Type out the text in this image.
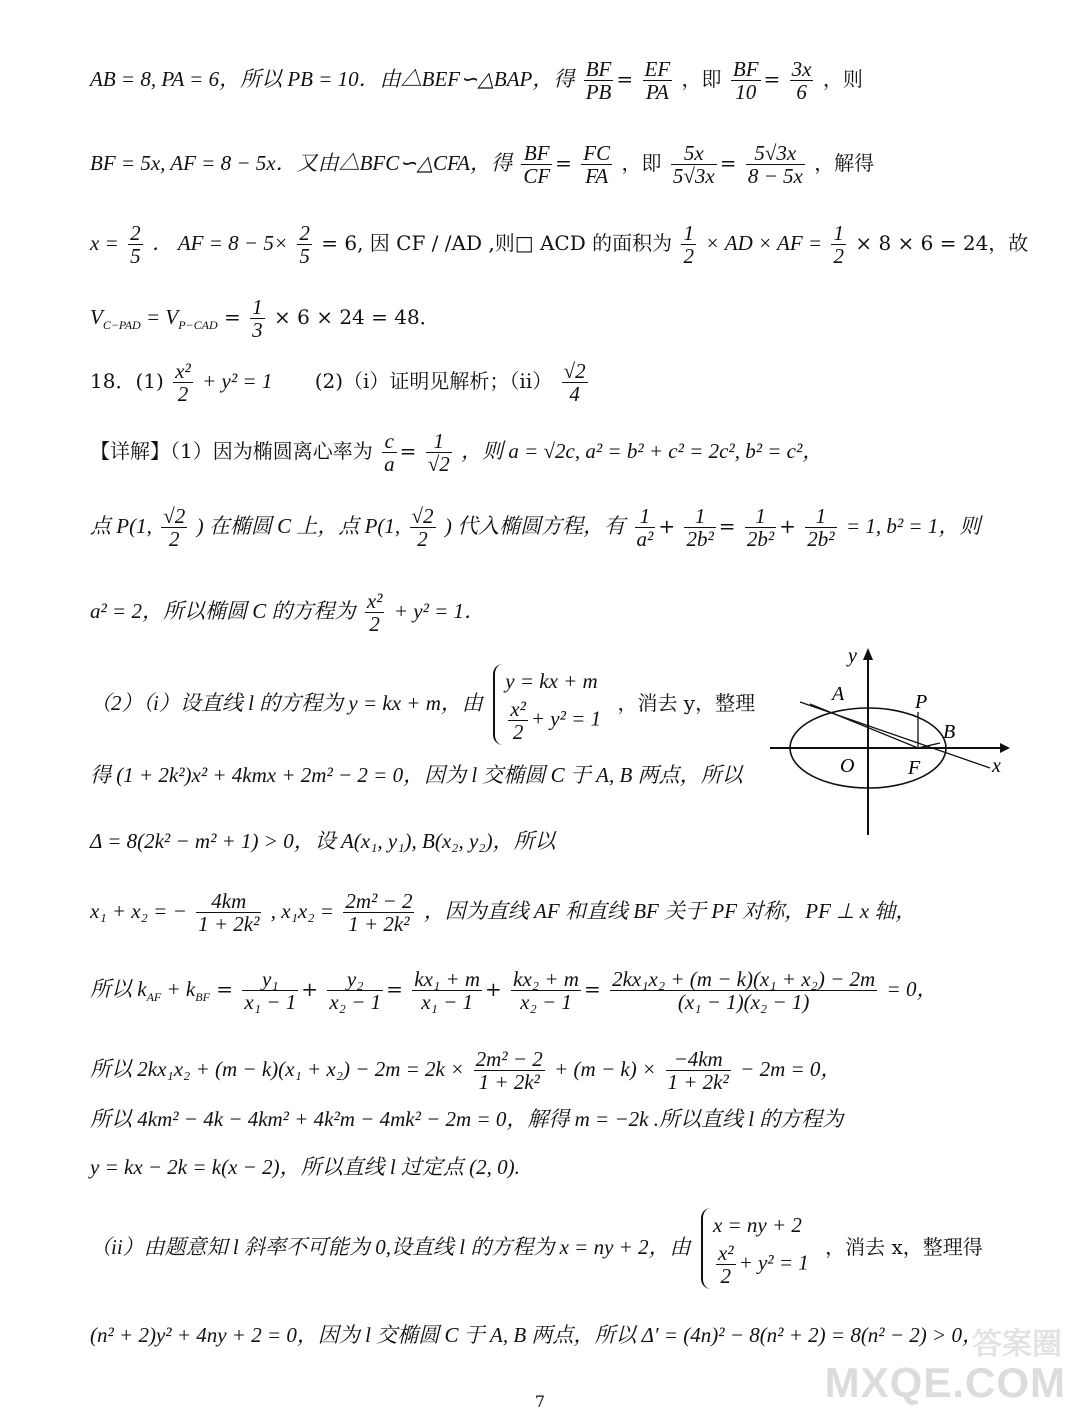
AB = 8, PA = 6，所以 PB = 10．由△BEF∽△BAP，得 $\frac{BF}{PB} = \frac{EF}{PA}$ ，即 $\frac{BF}{10} = \frac{3x}{6}$ ，则
BF = 5x, AF = 8 − 5x．又由△BFC∽△CFA，得 $\frac{BF}{CF} = \frac{FC}{FA}$ ，即 $\frac{5x}{5√3x} = \frac{5√3x}{8 - 5x}$ ，解得
$x = \frac{2}{5}$ ． AF = $8 - 5\times \frac{2}{5} = 6$, 因 CF / /AD ,则□ ACD 的面积为 $\frac{1}{2}$ × AD × AF = $\frac{1}{2} \times 8 \times 6 = 24$，故
$V_{C-PAD} = V_{P-CAD} = \frac{1}{3} \times 6 \times 24 = 48$．
18．$(1) \frac{\text{x²}}{2} + y^2 = 1$ (2)（i）证明见解析；$(ii) \frac{√2}{4}$
【详解】（1）因为椭圆离心率为 $\frac{c}{a} = \frac{1}{√2}$ ，则 a = √2c, a² = b² + c² = 2c², b² = c²，
点 P(1, $\frac{√2}{2}$ ) 在椭圆 C 上，点 P(1, $\frac{√2}{2}$ ) 代入椭圆方程，有 $\frac{1}{\text{a²}} + \frac{1}{\text{2b²}} = \frac{1}{\text{2b²}} + \frac{1}{\text{2b²}} = 1$, b² = 1，则
a² = 2，所以椭圆 C 的方程为 $\frac{\text{x²}}{2} + y^2 = 1$．
（2）（i）设直线 l 的方程为 y = kx + m，由
y = kx + m
$\frac{\text{x²}}{2} + y^2 = 1$
，消去 y，整理
得 (1 + 2k²)x² + 4kmx + 2m² − 2 = 0，因为 l 交椭圆 C 于 A, B 两点，所以
Δ = 8(2k² − m² + 1) > 0，设 A(x₁, y₁), B(x₂, y₂)，所以
x₁ + x₂ = − $\frac{4km}{\text{1 + 2k²}}$ , $x_1x_2 = \frac{\text{2m² − 2}}{\text{1 + 2k²}}$ ，因为直线 AF 和直线 BF 关于 PF 对称，PF ⊥ x 轴，
所以 $k_{AF} + k_{BF} = \frac{\text{y₁}}{\text{x₁ − 1}} + \frac{\text{y₂}}{\text{x₂ − 1}} = \frac{\text{kx₁ + m}}{\text{x₁ − 1}} + \frac{\text{kx₂ + m}}{\text{x₂ − 1}} = \frac{\text{2kx₁x₂ + (m − k)(x₁ + x₂) − 2m}}{\text{(x₁ − 1)(x₂ − 1)}} = 0$，
所以 $2kx_1x_2 + (m - k)(x_1 + x_2) - 2m = 2k \times \frac{\text{2m² − 2}}{\text{1 + 2k²}} + (m - k) \times \frac{-4km}{\text{1 + 2k²}} - 2m = 0$，
所以 4km² − 4k − 4km² + 4k²m − 4mk² − 2m = 0，解得 m = −2k .所以直线 l 的方程为
y = kx − 2k = k(x − 2)，所以直线 l 过定点 (2, 0).
（ii）由题意知 l 斜率不可能为 0,设直线 l 的方程为 x = ny + 2，由
x = ny + 2
$\frac{\text{x²}}{2} + y^2 = 1$
，消去 x，整理得
(n² + 2)y² + 4ny + 2 = 0，因为 l 交椭圆 C 于 A, B 两点，所以 Δ′ = (4n)² − 8(n² + 2) = 8(n² − 2) > 0，
y
x
O
A	P
B
F
答案圈
MXQE.COM
7
